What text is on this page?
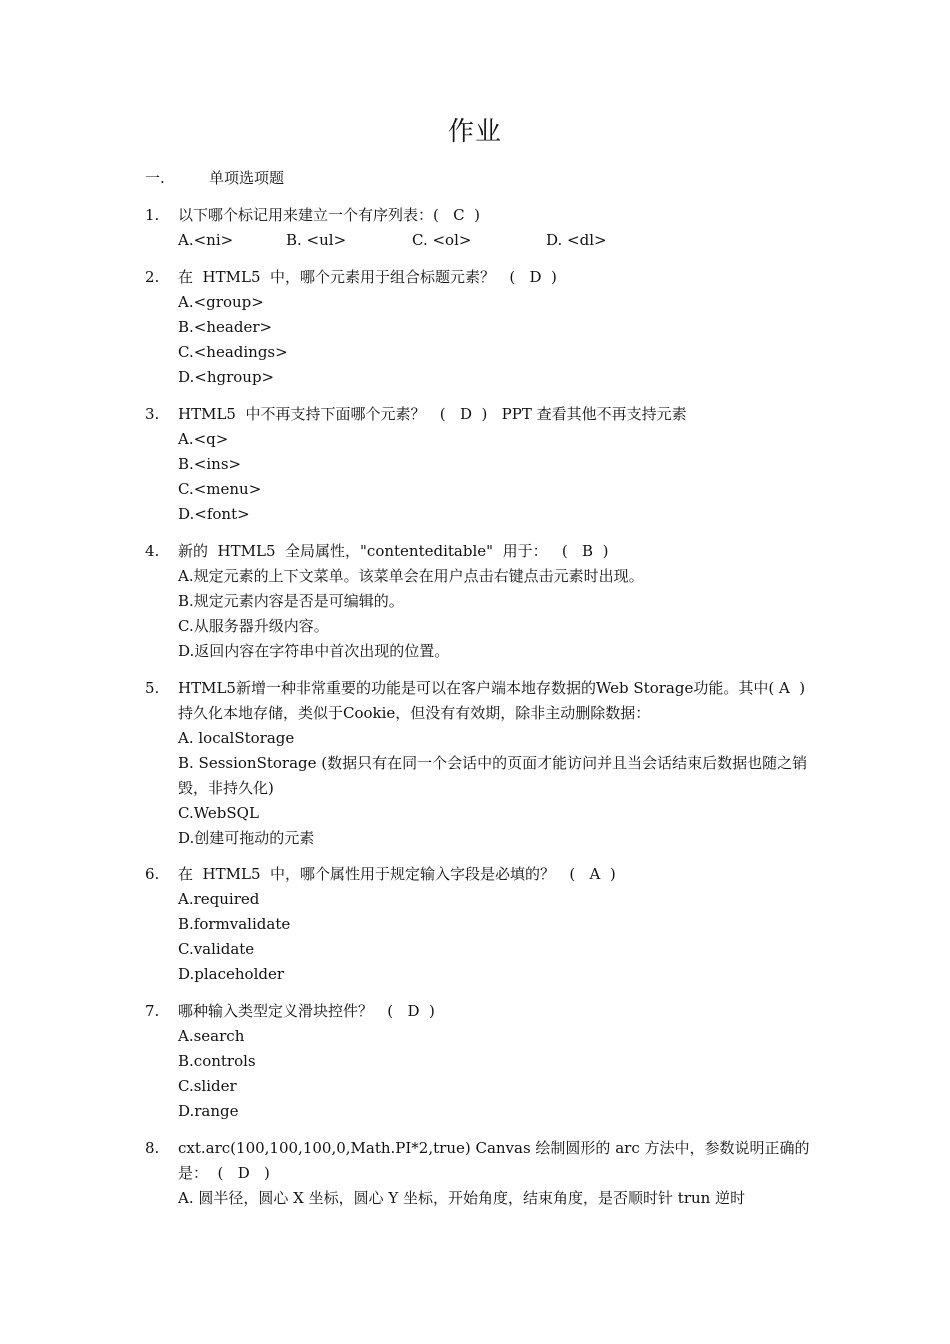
作业
一.	单项选项题
1. 以下哪个标记用来建立一个有序列表：(   C  )
A.<ni>	B. <ul>	C. <ol>	D. <dl>
2. 在  HTML5  中，哪个元素用于组合标题元素？   (   D  )
A.<group>
B.<header>
C.<headings>
D.<hgroup>
3. HTML5  中不再支持下面哪个元素？   (   D  )   PPT 查看其他不再支持元素
A.<q>
B.<ins>
C.<menu>
D.<font>
4. 新的  HTML5  全局属性，"contenteditable"  用于：   (   B  )
A.规定元素的上下文菜单。该菜单会在用户点击右键点击元素时出现。
B.规定元素内容是否是可编辑的。
C.从服务器升级内容。
D.返回内容在字符串中首次出现的位置。
5. HTML5新增一种非常重要的功能是可以在客户端本地存数据的Web Storage功能。其中( A  )持久化本地存储，类似于Cookie，但没有有效期，除非主动删除数据：
A. localStorage
B. SessionStorage (数据只有在同一个会话中的页面才能访问并且当会话结束后数据也随之销毁，非持久化)
C.WebSQL
D.创建可拖动的元素
6. 在  HTML5  中，哪个属性用于规定输入字段是必填的？   (   A  )
A.required
B.formvalidate
C.validate
D.placeholder
7. 哪种输入类型定义滑块控件？   (   D  )
A.search
B.controls
C.slider
D.range
8. cxt.arc(100,100,100,0,Math.PI*2,true) Canvas 绘制圆形的 arc 方法中，参数说明正确的是：  (   D   )
A. 圆半径，圆心 X 坐标，圆心 Y 坐标，开始角度，结束角度，是否顺时针 trun 逆时
